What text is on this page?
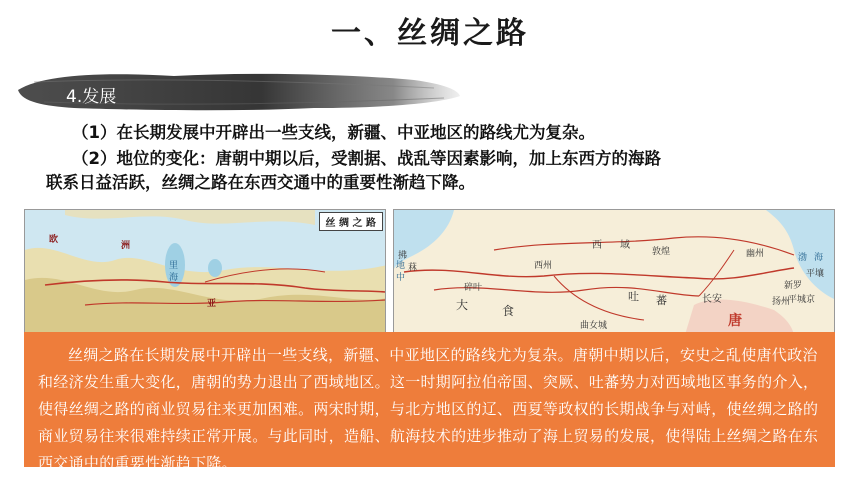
一、丝绸之路
4.发展
（1）在长期发展中开辟出一些支线，新疆、中亚地区的路线尤为复杂。
（2）地位的变化：唐朝中期以后，受割据、战乱等因素影响，加上东西方的海路
联系日益活跃，丝绸之路在东西交通中的重要性渐趋下降。
丝 绸 之 路
欧
洲
里
海
亚
地
中
西 域
敦煌
渤 海
幽州
平壤
新罗
西州
拂
菻
碎叶
大	食
吐 蕃	长安
唐
扬州
平城京
曲女城
丝绸之路在长期发展中开辟出一些支线，新疆、中亚地区的路线尤为复杂。唐朝中期以后，安史之乱使唐代政治和经济发生重大变化，唐朝的势力退出了西域地区。这一时期阿拉伯帝国、突厥、吐蕃势力对西域地区事务的介入，使得丝绸之路的商业贸易往来更加困难。两宋时期，与北方地区的辽、西夏等政权的长期战争与对峙，使丝绸之路的商业贸易往来很难持续正常开展。与此同时，造船、航海技术的进步推动了海上贸易的发展，使得陆上丝绸之路在东西交通中的重要性渐趋下降。
